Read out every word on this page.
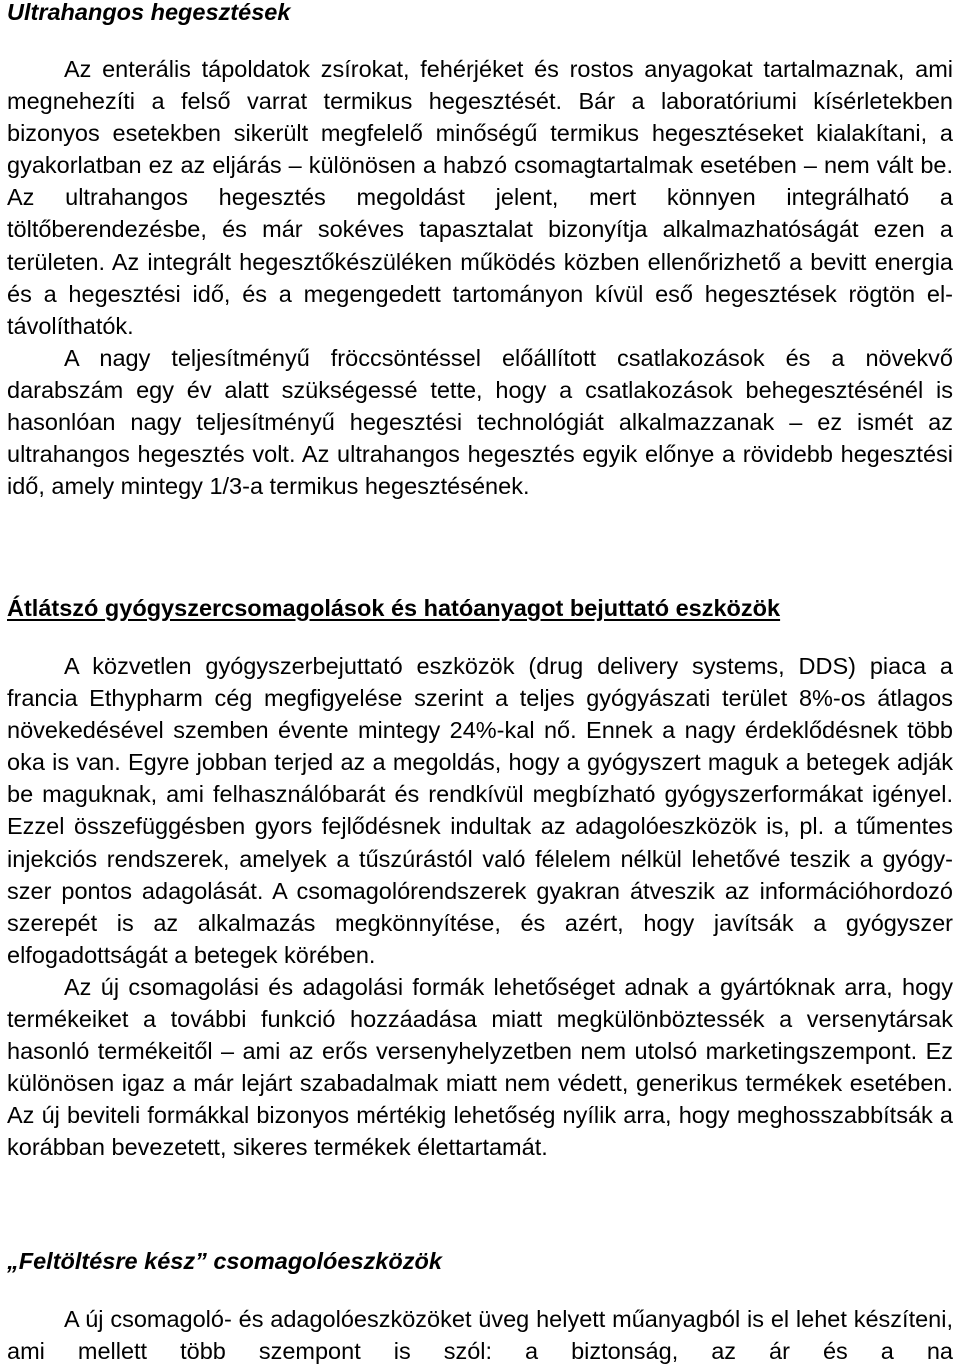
Ultrahangos hegesztések

Az enterális tápoldatok zsírokat, fehérjéket és rostos anyagokat tartalmaznak, ami megnehezíti a felső varrat termikus hegesztését. Bár a laboratóriumi kísérletekben bizonyos esetekben sikerült megfelelő minőségű termikus hegesztéseket kialakítani, a gyakorlatban ez az eljárás – különösen a habzó csomagtartalmak esetében – nem vált be. Az ultrahangos hegesztés megoldást jelent, mert könnyen integrálható a töltőberendezésbe, és már sokéves tapasztalat bizonyítja alkalmazhatóságát ezen a területen. Az integrált hegesztőkészüléken működés közben ellenőrizhető a bevitt energia és a hegesztési idő, és a megengedett tartományon kívül eső hegesztések rögtön eltávolíthatók.

A nagy teljesítményű fröccsöntéssel előállított csatlakozások és a növekvő darabszám egy év alatt szükségessé tette, hogy a csatlakozások behegesztésénél is hasonlóan nagy teljesítményű hegesztési technológiát alkalmazzanak – ez ismét az ultrahangos hegesztés volt. Az ultrahangos hegesztés egyik előnye a rövidebb hegesztési idő, amely mintegy 1/3-a termikus hegesztésének.

Átlátszó gyógyszercsomagolások és hatóanyagot bejuttató eszközök

A közvetlen gyógyszerbejuttató eszközök (drug delivery systems, DDS) piaca a francia Ethypharm cég megfigyelése szerint a teljes gyógyászati terület 8%-os átlagos növekedésével szemben évente mintegy 24%-kal nő. Ennek a nagy érdeklődésnek több oka is van. Egyre jobban terjed az a megoldás, hogy a gyógyszert maguk a betegek adják be maguknak, ami felhasználóbarát és rendkívül megbízható gyógyszerformákat igényel. Ezzel összefüggésben gyors fejlődésnek indultak az adagolóeszközök is, pl. a tűmentes injekciós rendszerek, amelyek a tűszúrástól való félelem nélkül lehetővé teszik a gyógyszer pontos adagolását. A csomagolórendszerek gyakran átveszik az információhordozó szerepét is az alkalmazás megkönnyítése, és azért, hogy javítsák a gyógyszer elfogadottságát a betegek körében.

Az új csomagolási és adagolási formák lehetőséget adnak a gyártóknak arra, hogy termékeiket a további funkció hozzáadása miatt megkülönböztessék a versenytársak hasonló termékeitől – ami az erős versenyhelyzetben nem utolsó marketingszempont. Ez különösen igaz a már lejárt szabadalmak miatt nem védett, generikus termékek esetében. Az új beviteli formákkal bizonyos mértékig lehetőség nyílik arra, hogy meghosszabbítsák a korábban bevezetett, sikeres termékek élettartamát.

„Feltöltésre kész” csomagolóeszközök

A új csomagoló- és adagolóeszközöket üveg helyett műanyagból is el lehet készíteni, ami mellett több szempont is szól: a biztonság, az ár és a na
